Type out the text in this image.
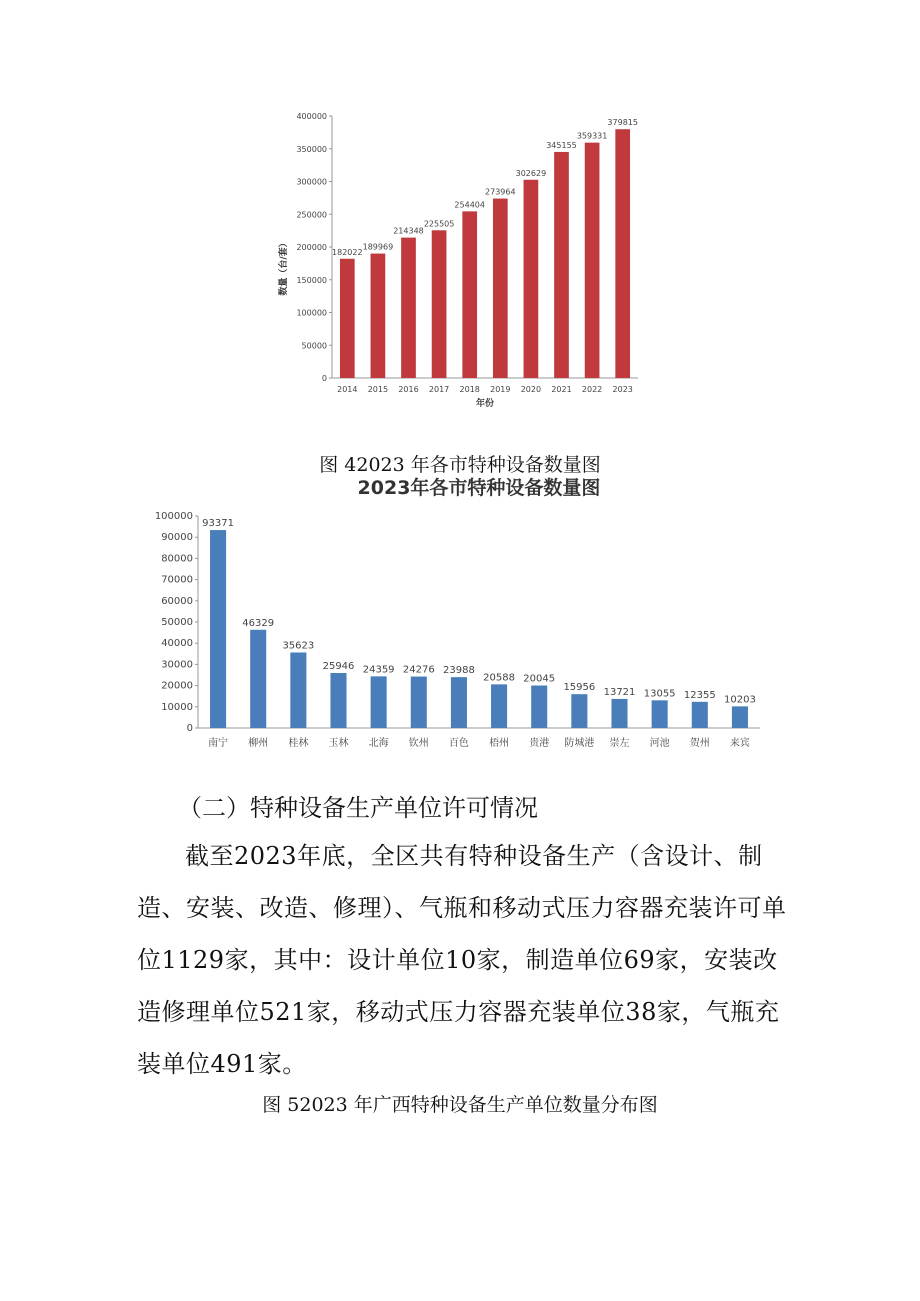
0
50000
100000
150000
200000
250000
300000
350000
400000
182022
2014
189969
2015
214348
2016
225505
2017
254404
2018
273964
2019
302629
2020
345155
2021
359331
2022
379815
2023
年份
数量（台/套）
图 42023 年各市特种设备数量图
2023年各市特种设备数量图
0
10000
20000
30000
40000
50000
60000
70000
80000
90000
100000
93371
南宁
46329
柳州
35623
桂林
25946
玉林
24359
北海
24276
钦州
23988
百色
20588
梧州
20045
贵港
15956
防城港
13721
崇左
13055
河池
12355
贺州
10203
来宾
（二）特种设备生产单位许可情况
截至2023年底，全区共有特种设备生产（含设计、制造、安装、改造、修理）、气瓶和移动式压力容器充装许可单位1129家，其中：设计单位10家，制造单位69家，安装改造修理单位521家，移动式压力容器充装单位38家，气瓶充装单位491家。
图 52023 年广西特种设备生产单位数量分布图
